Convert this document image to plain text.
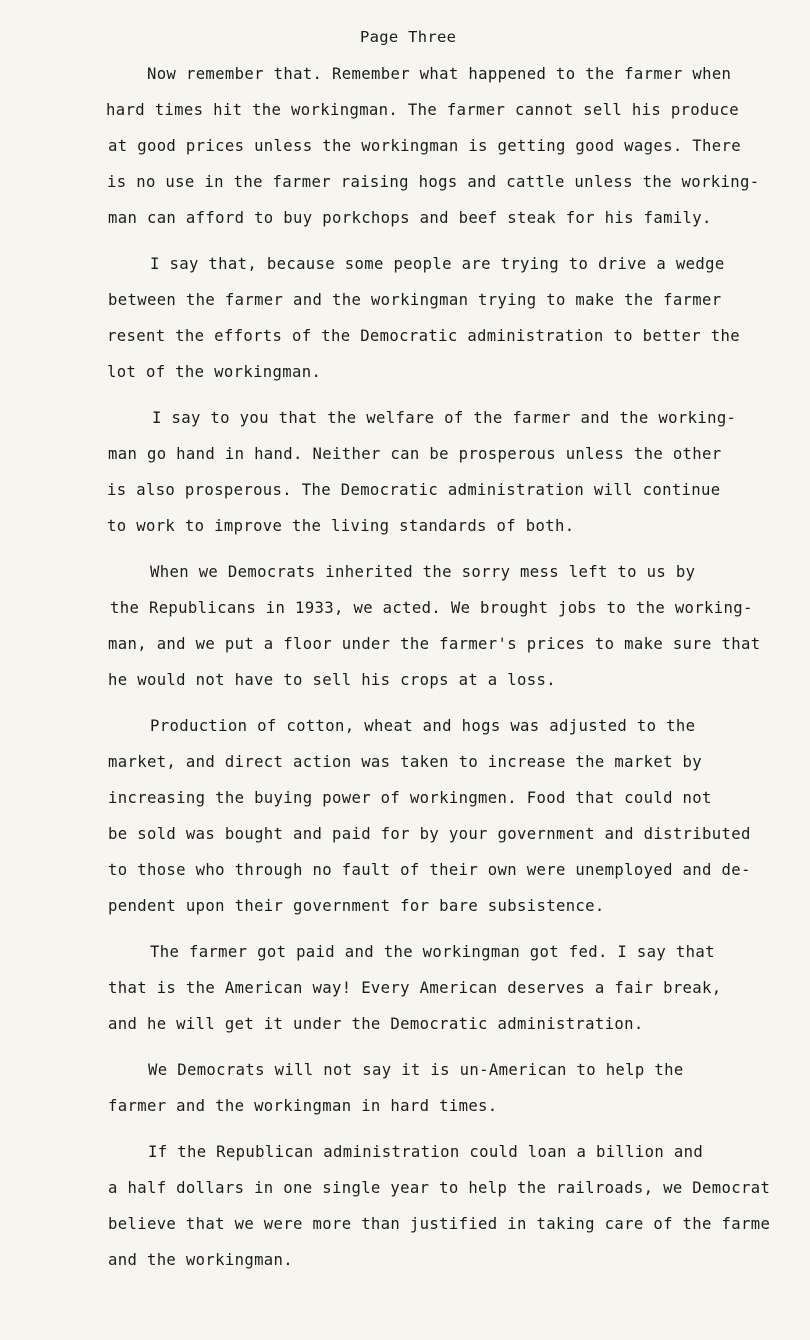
Page Three
Now remember that. Remember what happened to the farmer when
hard times hit the workingman. The farmer cannot sell his produce
at good prices unless the workingman is getting good wages. There
is no use in the farmer raising hogs and cattle unless the working-
man can afford to buy porkchops and beef steak for his family.
I say that, because some people are trying to drive a wedge
between the farmer and the workingman trying to make the farmer
resent the efforts of the Democratic administration to better the
lot of the workingman.
I say to you that the welfare of the farmer and the working-
man go hand in hand. Neither can be prosperous unless the other
is also prosperous. The Democratic administration will continue
to work to improve the living standards of both.
When we Democrats inherited the sorry mess left to us by
the Republicans in 1933, we acted. We brought jobs to the working-
man, and we put a floor under the farmer's prices to make sure that
he would not have to sell his crops at a loss.
Production of cotton, wheat and hogs was adjusted to the
market, and direct action was taken to increase the market by
increasing the buying power of workingmen. Food that could not
be sold was bought and paid for by your government and distributed
to those who through no fault of their own were unemployed and de-
pendent upon their government for bare subsistence.
The farmer got paid and the workingman got fed. I say that
that is the American way! Every American deserves a fair break,
and he will get it under the Democratic administration.
We Democrats will not say it is un-American to help the
farmer and the workingman in hard times.
If the Republican administration could loan a billion and
a half dollars in one single year to help the railroads, we Democrat
believe that we were more than justified in taking care of the farme
and the workingman.
